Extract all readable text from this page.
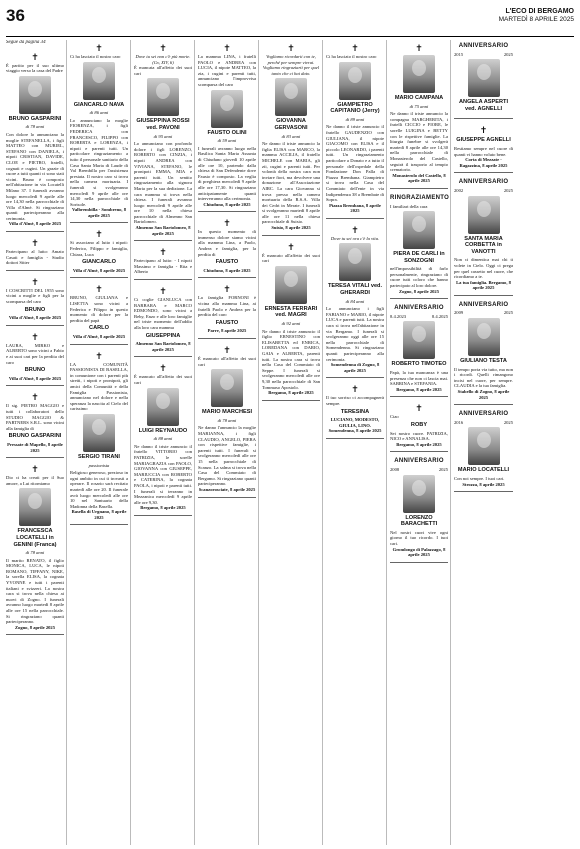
36	L'ECO DI BERGAMO
MARTEDÌ 8 APRILE 2025
Segue da pagina 34
✝
È partito per il suo ultimo viaggio verso la casa del Padre
BRUNO GASPARINI
di 78 anni
Con dolore lo annunciano la moglie STEFANELLA, i figli MATTEO con MURIEL, STEFANO con DANIELA, i nipoti CRISTIAN, DAVIDE, CLOE e PIETRO, fratelli, cognati e cugini. Un grazie di cuore a tutti quanti ci sono stati vicini. Bruno è composto nell'abitazione in via Locatelli Milano 37. I funerali avranno luogo mercoledì 9 aprile alle ore 14,30 nella parrocchiale di Villa d'Almè. Si ringraziano quanti parteciperanno alla cerimonia.
Villa d'Almè, 8 aprile 2025
✝
Partecipano al lutto: Amato Casati e famiglia - Studio dottori Sitter
✝
I COSCRITTI DEL 1955 sono vicini a moglie e figli per la scomparsa del caro
BRUNO
Villa d'Almè, 8 aprile 2025
✝
LAURA, MIRKO e ALBERTO sono vicini a Fabio e ai suoi cari per la perdita del caro
BRUNO
Villa d'Almè, 8 aprile 2025
✝
Il sig. PIETRO MAGGIO e tutti i collaboratori dello STUDIO MAGGIO & PARTNERS S.R.L. sono vicini alla famiglia di
BRUNO GASPARINI
Pressate di Mapello, 8 aprile 2025
✝
Dio ci ha creati per il Suo amore, a Lui ritorniamo
FRANCESCA LOCATELLI in GENINI (Franca)
di 78 anni
Il marito RENATO, il figlio MONICA, LUCA, le nipoti ROMANO, TIFFANY, NIKE, la sorella ELISA, la cognata YVONNE e tutti i parenti italiani e svizzeri. La nostra cara si trova nella chiesa ai nuovi di Zogno. I funerali avranno luogo martedì 8 aprile alle ore 15 nella parrocchiale. Si ringraziano quanti parteciperanno.
Zogno, 8 aprile 2025
✝
Ci ha lasciato il nostro caro
GIANCARLO NAVA
di 86 anni
Lo annunciano la moglie FIORENZA, i figli FEDERICA con FRANCESCO, FILIPPO con ROBERTA e LORENZA, i nipoti e parenti tutti. Un particolare ringraziamento a tutto il personale sanitario della Casa Santa Maria di Laude di Val Brembilla per l'assistenza prestata. Il nostro caro si trova nella camera mortuaria. I funerali si svolgeranno mercoledì 9 aprile alle ore 14,30 nella parrocchiale di Sorisole.
Valbrembilla - Sombreno, 8 aprile 2025
✝
Si associano al lutto i nipoti: Federico, Filippo e famiglia, Chiara, Luca
GIANCARLO
Villa d'Almè, 8 aprile 2025
✝
BRUNO, GIULIANA e LISETTA sono vicini a Federica e Filippo in questo momento di dolore per la perdita del papà
CARLO
Villa d'Almè, 8 aprile 2025
✝
LA COMUNITÀ PASSIONISTA DI BASELLA, in comunione con i parenti più stretti, i nipoti e pronipoti, gli amici della Comunità e della Famiglia Passionista, annunciano nel dolore e nella speranza la nascita al Cielo del carissimo
SERGIO TIRANI
passionista
Religioso generoso, prezioso in ogni ambito in cui ti trovasti a operare. Il rosario sarà recitato martedì alle ore 20. Il funerale avrà luogo mercoledì alle ore 10 nel Santuario della Madonna della Basella.
Basella di Urgnano, 8 aprile 2025
✝
Dove tu sei non c'è più morte. (Gv, XIV, 6)
È mancata all'affetto dei suoi cari
GIUSEPPINA ROSSI ved. PAVONI
di 95 anni
Lo annunciano con profondo dolore i figli LORENZO, ROBERTO con CINZIA, i nipoti ANDREA con VIVIANA, STEFANO, le pronipoti EMMA, MIA e parenti tutti. Un sentito ringraziamento alla signora Maria per la sua dedizione. La cara mamma si trova nella chiesa. I funerali avranno luogo mercoledì 9 aprile alle ore 10 nella chiesa parrocchiale di Almenno San Bartolomeo.
Almenno San Bartolomeo, 8 aprile 2025
✝
Partecipano al lutto: - I nipoti Massimo e famiglia - Rita e Alberto
✝
Ci coglie GIANLUCA con BARBARA e MARCO EDMONDO, sono vicini a Beby, Enzo e alle loro famiglie nel triste momento dell'addio alla loro cara mamma
GIUSEPPINA
Almenno San Bartolomeo, 8 aprile 2025
✝
È mancato all'affetto dei suoi cari
LUIGI REYNAUDO
di 88 anni
Ne danno il triste annuncio il fratello VITTORIO con PATRIZIA, le sorelle MARIAGRAZIA con PAOLO, GIOVANNA con GIUSEPPE, MARIUCCIA con ROBERTO e CATERINA, la cognata PAOLA, i nipoti e parenti tutti. I funerali si terranno in Mezzanica mercoledì 9 aprile alle ore 9,30.
Bergamo, 8 aprile 2025
✝
La mamma LINA, i fratelli PAOLO e ANDREA con LUCIA, il nipote MATTEO, la zia, i cugini e parenti tutti, annunciano l'improvvisa scomparsa del caro
FAUSTO OLINI
di 59 anni
I funerali avranno luogo nella Basilica Santa Maria Assunta di Chiuduno giovedì 10 aprile alle ore 10, partendo dalla chiesa di San Defendente dove Fausto è composto. La veglia di preghiera mercoledì 9 aprile alle ore 17,30. Si ringraziano anticipatamente quanti interverranno alla cerimonia.
Chiuduno, 8 aprile 2025
✝
In questo momento di immenso dolore siamo vicini alla mamma Lina, a Paolo, Andrea e famiglia, per la perdita di
FAUSTO
Chiuduno, 8 aprile 2025
✝
La famiglia FORNONI è vicina alla mamma Lina, ai fratelli Paolo e Andrea per la perdita del caro
FAUSTO
Parre, 8 aprile 2025
✝
È mancato all'affetto dei suoi cari
MARIO MARCHESI
di 78 anni
Ne danno l'annuncio la moglie MARIANNA, i figli CLAUDIO, ANGELO, PIERA con rispettive famiglie, i parenti tutti. I funerali si svolgeranno mercoledì alle ore 15 nella parrocchiale di Scanzo. La salma si trova nella Casa del Commiato di Bergamo. Si ringraziano quanti parteciperanno.
Scanzorosciate, 8 aprile 2025
✝
Vogliamo ricordarti con te, perché per sempre vivrai. Vogliamo ringraziarti per quel tanto che ci hai dato.
GIOVANNA GERVASONI
di 83 anni
Ne danno il triste annuncio la figlia ELISA con MARCO, la mamma ACCILIA, il fratello MICHELE con MARIA, gli zii, cugini e parenti tutti. Per volontà della nostra cara non inviare fiori, ma devolvere una donazione all'Associazione AIRC. La cara Giovanna si trova presso nella camera mortuaria della R.S.A. Villa dei Cedri in Merate. I funerali si svolgeranno martedì 8 aprile alle ore 11 nella chiesa parrocchiale di Suisio.
Suisio, 8 aprile 2025
✝
È mancato all'affetto dei suoi cari
ERNESTA FERRARI ved. MAGRI
di 92 anni
Ne danno il triste annuncio il figlio ERNESTINO con ELISABETTA ed ENRICA, LOREDANA con DARIO, GAIA e ALBERTA, parenti tutti. La nostra cara si trova nella Casa del Commiato di Seppe. I funerali si svolgeranno mercoledì alle ore 9,30 nella parrocchiale di San Tommaso Apostolo.
Bergamo, 8 aprile 2025
✝
Ci ha lasciato il nostro caro
GIAMPIETRO CAPITANIO (Jerry)
di 89 anni
Ne danno il triste annuncio il fratello GAUDENZIO con GIULIANA, il nipote GIACOMO con ELISA e il piccolo LEONARDO, i parenti tutti. Un ringraziamento particolare a Donato e a tutto il personale dell'ospedale della Fondazione Don Palla di Piazza Brembana. Giampietro si trova nella Casa del Commiato dell'ente in via Indipendenza 38 a Brembate di Sopra.
Piazza Brembana, 8 aprile 2025
✝
Dove tu sei ora c'è la vita.
TERESA VITALI ved. GHERARDI
di 84 anni
Lo annunciano i figli FABIANO e MARIO, il nipote LUCA e parenti tutti. La nostra cara si trova nell'abitazione in via Bergamo. I funerali si svolgeranno oggi alle ore 15 nella parrocchiale di Somendenna. Si ringraziano quanti parteciperanno alla cerimonia.
Somendenna di Zogno, 8 aprile 2025
✝
Il tuo sorriso ci accompagnerà sempre.
TERESINA
LUCIANO, MODESTO, GIULIA, LINO. Somendenna, 8 aprile 2025
✝
MARIO CAMPANA
di 75 anni
Ne danno il triste annuncio la compagna MARGHERITA, i fratelli CICCIO e FIORE, le sorelle LUIGINA e BETTY con le rispettive famiglie. La liturgia funebre si svolgerà martedì 8 aprile alle ore 14,30 nella parrocchiale di Monasterolo del Castello, seguirà il trasporto al tempio crematorio.
Monasterolo del Castello, 8 aprile 2025
RINGRAZIAMENTO
I familiari della cara
PIERA DE CARLI in SONZOGNI
nell'impossibilità di farlo personalmente, ringraziano di cuore tutti coloro che hanno partecipato al loro dolore.
Zogno, 8 aprile 2025
ANNIVERSARIO
8.4.2023	8.4.2025
ROBERTO TIMOTEO
Papà, la tua mancanza è una presenza che non ci lascia mai. SABRINA e STEFANIA.
Bergamo, 8 aprile 2025
✝
Ciao
ROBY
Sei nostro cuore. PATRIZIA, NICO e ANNALISA.
Bergamo, 8 aprile 2025
ANNIVERSARIO
2008	2025
LORENZO BARACHETTI
Nel nostri cuori vive ogni giorno il tuo ricordo. I tuoi cari.
Gromlongo di Palazzago, 8 aprile 2025
ANNIVERSARIO
2015	2025
ANGELA ASPERTI ved. AGNELLI
✝
GIUSEPPE AGNELLI
Restiamo sempre nel cuore di quanti vi hanno voluto bene.
Corta di Mezzate - Ragazzina, 8 aprile 2025
ANNIVERSARIO
2002	2025
SANTA MARIA CORBETTA in VANOTTI
Non ci dimentica mai chi ti volete in Cielo. Oggi ci prega per quel cassetto nel cuore, che ricordiamo a te.
La tua famiglia. Bergamo, 8 aprile 2025
ANNIVERSARIO
2009	2025
GIULIANO TESTA
Il tempo porta via tutto, ma non i ricordi. Quelli rimangono incisi nel cuore, per sempre. CLAUDIA e la tua famiglia.
Stabello di Zogno, 8 aprile 2025
ANNIVERSARIO
2016	2025
MARIO LOCATELLI
Con noi sempre. I tuoi cari.
Strozza, 8 aprile 2025
